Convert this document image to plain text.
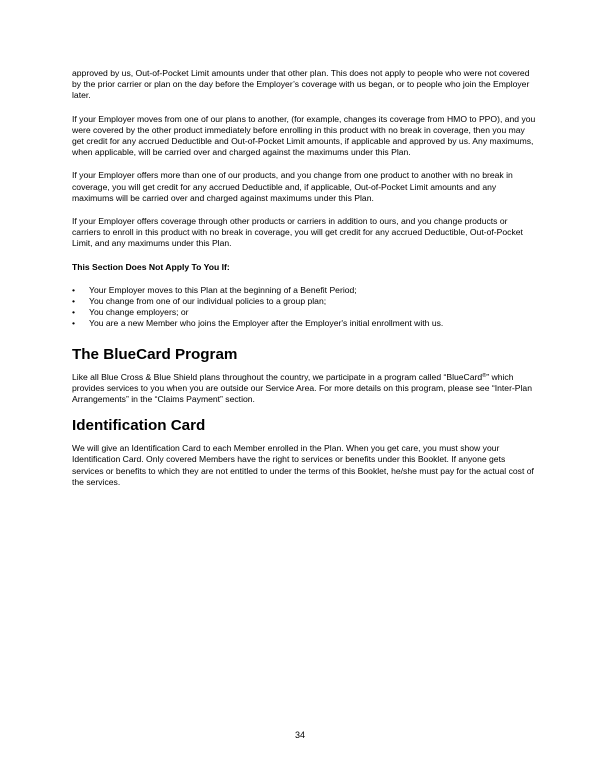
approved by us, Out-of-Pocket Limit amounts under that other plan. This does not apply to people who were not covered by the prior carrier or plan on the day before the Employer’s coverage with us began, or to people who join the Employer later.

If your Employer moves from one of our plans to another, (for example, changes its coverage from HMO to PPO), and you were covered by the other product immediately before enrolling in this product with no break in coverage, then you may get credit for any accrued Deductible and Out-of-Pocket Limit amounts, if applicable and approved by us. Any maximums, when applicable, will be carried over and charged against the maximums under this Plan.

If your Employer offers more than one of our products, and you change from one product to another with no break in coverage, you will get credit for any accrued Deductible and, if applicable, Out-of-Pocket Limit amounts and any maximums will be carried over and charged against maximums under this Plan.

If your Employer offers coverage through other products or carriers in addition to ours, and you change products or carriers to enroll in this product with no break in coverage, you will get credit for any accrued Deductible, Out-of-Pocket Limit, and any maximums under this Plan.

This Section Does Not Apply To You If:

• Your Employer moves to this Plan at the beginning of a Benefit Period;
• You change from one of our individual policies to a group plan;
• You change employers; or
• You are a new Member who joins the Employer after the Employer's initial enrollment with us.
The BlueCard Program

Like all Blue Cross & Blue Shield plans throughout the country, we participate in a program called “BlueCard®” which provides services to you when you are outside our Service Area. For more details on this program, please see “Inter-Plan Arrangements” in the “Claims Payment” section.

Identification Card

We will give an Identification Card to each Member enrolled in the Plan. When you get care, you must show your Identification Card. Only covered Members have the right to services or benefits under this Booklet. If anyone gets services or benefits to which they are not entitled to under the terms of this Booklet, he/she must pay for the actual cost of the services.

34
